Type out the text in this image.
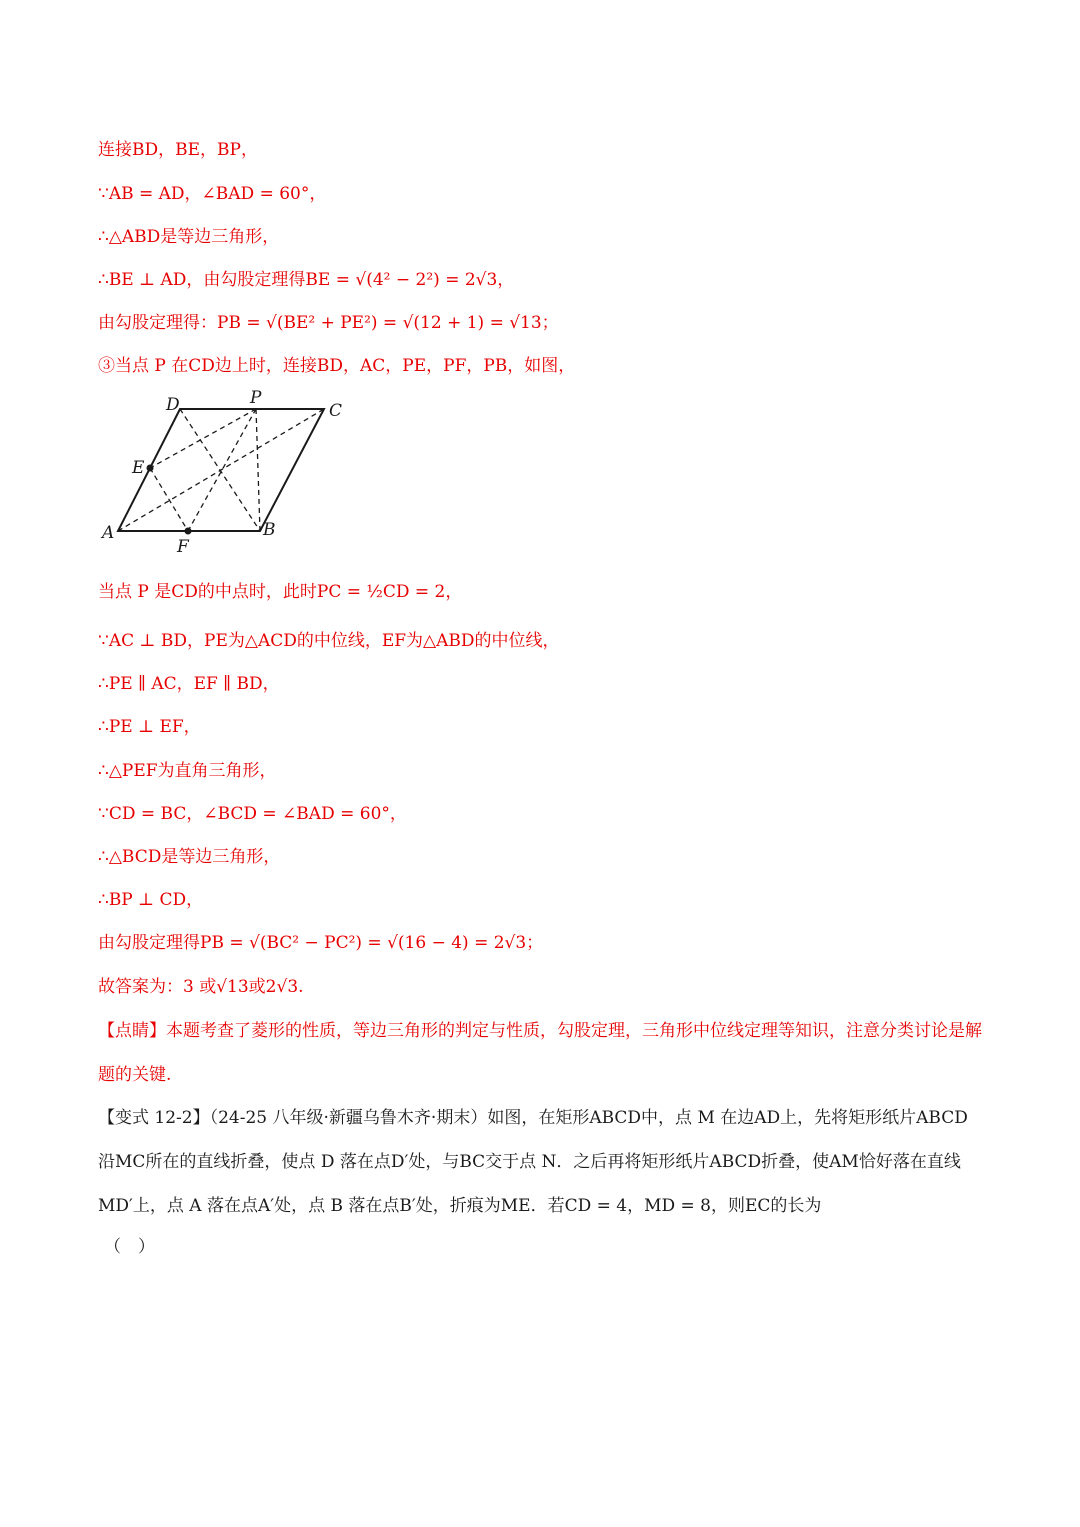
连接BD，BE，BP，
∵AB = AD，∠BAD = 60°，
∴△ABD是等边三角形，
∴BE ⊥ AD，由勾股定理得BE = √(4² − 2²) = 2√3，
由勾股定理得：PB = √(BE² + PE²) = √(12 + 1) = √13；
③当点 P 在CD边上时，连接BD，AC，PE，PF，PB，如图，
D	P
C
E
A	B
F
当点 P 是CD的中点时，此时PC = ½CD = 2，
∵AC ⊥ BD，PE为△ACD的中位线，EF为△ABD的中位线，
∴PE ∥ AC，EF ∥ BD，
∴PE ⊥ EF，
∴△PEF为直角三角形，
∵CD = BC，∠BCD = ∠BAD = 60°，
∴△BCD是等边三角形，
∴BP ⊥ CD，
由勾股定理得PB = √(BC² − PC²) = √(16 − 4) = 2√3；
故答案为：3 或√13或2√3.
【点睛】本题考查了菱形的性质，等边三角形的判定与性质，勾股定理，三角形中位线定理等知识，注意分类讨论是解题的关键.
【变式 12-2】（24-25 八年级·新疆乌鲁木齐·期末）如图，在矩形ABCD中，点 M 在边AD上，先将矩形纸片ABCD沿MC所在的直线折叠，使点 D 落在点D′处，与BC交于点 N．之后再将矩形纸片ABCD折叠，使AM恰好落在直线MD′上，点 A 落在点A′处，点 B 落在点B′处，折痕为ME．若CD = 4，MD = 8，则EC的长为
（　）
